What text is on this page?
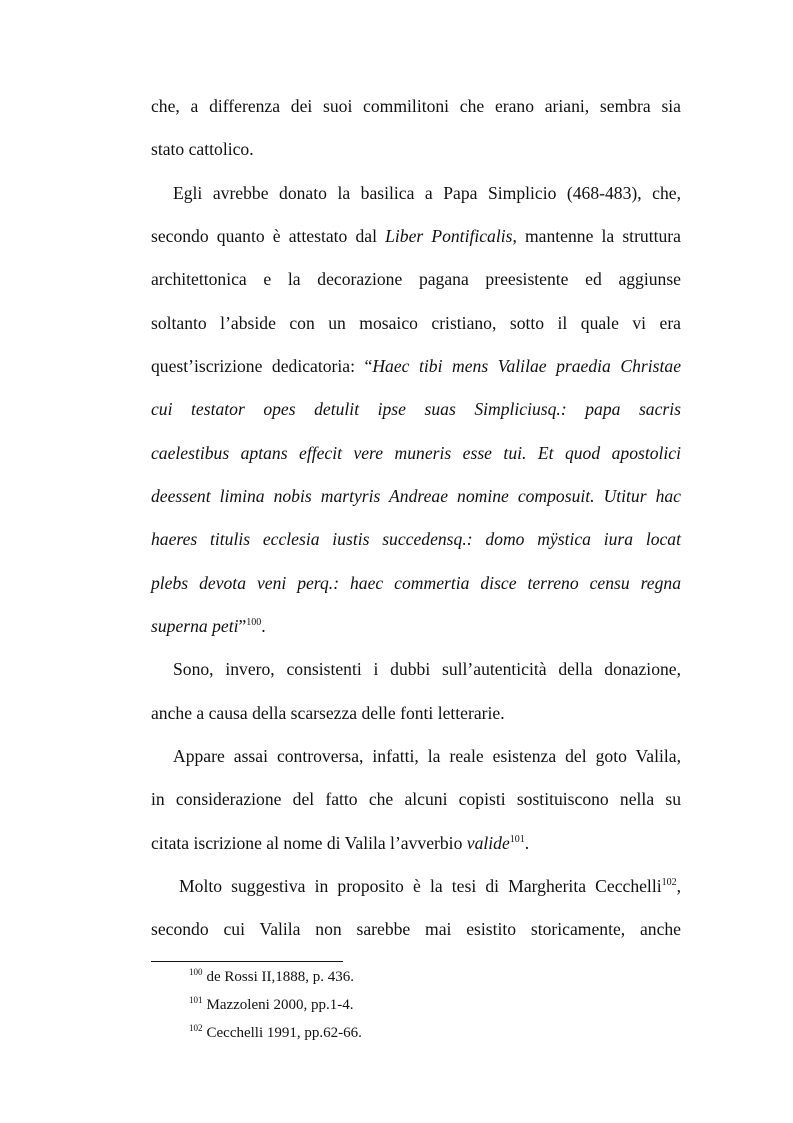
che, a differenza dei suoi commilitoni che erano ariani, sembra sia
stato cattolico.
Egli avrebbe donato la basilica a Papa Simplicio (468-483), che,
secondo quanto è attestato dal Liber Pontificalis, mantenne la struttura
architettonica e la decorazione pagana preesistente ed aggiunse
soltanto l’abside con un mosaico cristiano, sotto il quale vi era
quest’iscrizione dedicatoria: “Haec tibi mens Valilae praedia Christae
cui testator opes detulit ipse suas Simpliciusq.: papa sacris
caelestibus aptans effecit vere muneris esse tui. Et quod apostolici
deessent limina nobis martyris Andreae nomine composuit. Utitur hac
haeres titulis ecclesia iustis succedensq.: domo mÿstica iura locat
plebs devota veni perq.: haec commertia disce terreno censu regna
superna peti”$^{100}$.
Sono, invero, consistenti i dubbi sull’autenticità della donazione,
anche a causa della scarsezza delle fonti letterarie.
Appare assai controversa, infatti, la reale esistenza del goto Valila,
in considerazione del fatto che alcuni copisti sostituiscono nella su
citata iscrizione al nome di Valila l’avverbio valide$^{101}$.
Molto suggestiva in proposito è la tesi di Margherita Cecchelli$^{102}$,
secondo cui Valila non sarebbe mai esistito storicamente, anche
$^{100}$ de Rossi II,1888, p. 436.
$^{101}$ Mazzoleni 2000, pp.1-4.
$^{102}$ Cecchelli 1991, pp.62-66.
